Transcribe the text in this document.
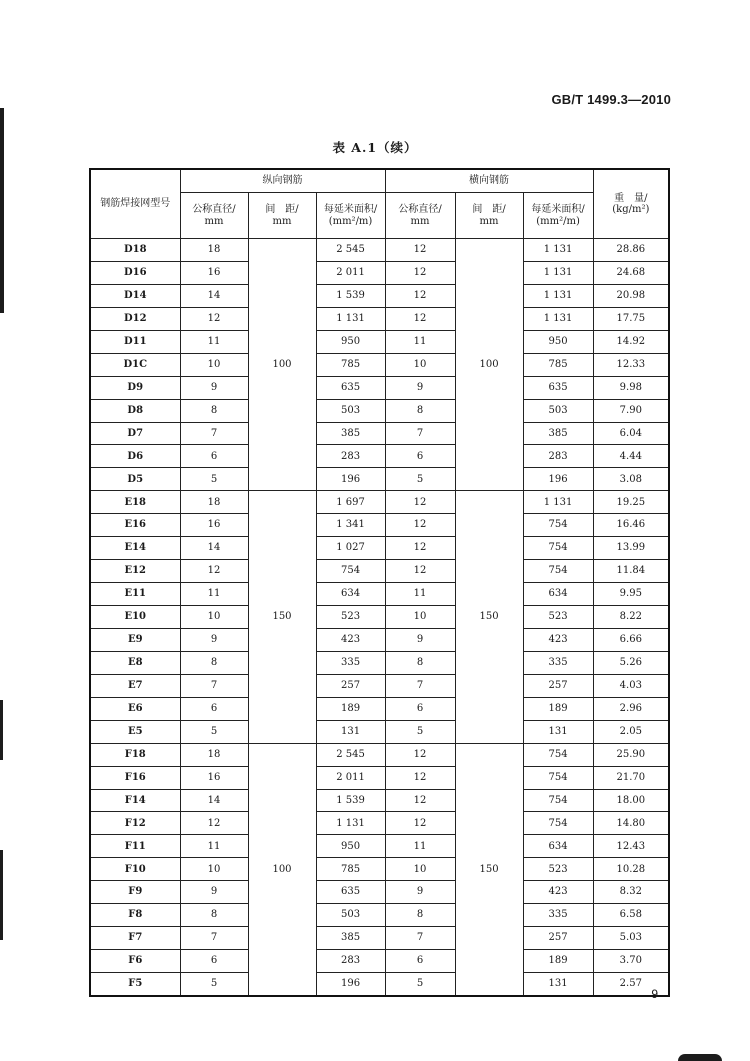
GB/T 1499.3—2010
表 A.1（续）
钢筋焊接网型号	纵向钢筋			横向钢筋			重　量/
(kg/m²)
	公称直径/
mm	间　距/
mm	每延米面积/
(mm²/m)	公称直径/
mm	间　距/
mm	每延米面积/
(mm²/m)	
D18	18	100	2 545	12	100	1 131	28.86
D16	16		2 011	12		1 131	24.68
D14	14		1 539	12		1 131	20.98
D12	12		1 131	12		1 131	17.75
D11	11		950	11		950	14.92
D1C	10		785	10		785	12.33
D9	9		635	9		635	9.98
D8	8		503	8		503	7.90
D7	7		385	7		385	6.04
D6	6		283	6		283	4.44
D5	5		196	5		196	3.08
E18	18	150	1 697	12	150	1 131	19.25
E16	16		1 341	12		754	16.46
E14	14		1 027	12		754	13.99
E12	12		754	12		754	11.84
E11	11		634	11		634	9.95
E10	10		523	10		523	8.22
E9	9		423	9		423	6.66
E8	8		335	8		335	5.26
E7	7		257	7		257	4.03
E6	6		189	6		189	2.96
E5	5		131	5		131	2.05
F18	18	100	2 545	12	150	754	25.90
F16	16		2 011	12		754	21.70
F14	14		1 539	12		754	18.00
F12	12		1 131	12		754	14.80
F11	11		950	11		634	12.43
F10	10		785	10		523	10.28
F9	9		635	9		423	8.32
F8	8		503	8		335	6.58
F7	7		385	7		257	5.03
F6	6		283	6		189	3.70
F5	5		196	5		131	2.57
9
